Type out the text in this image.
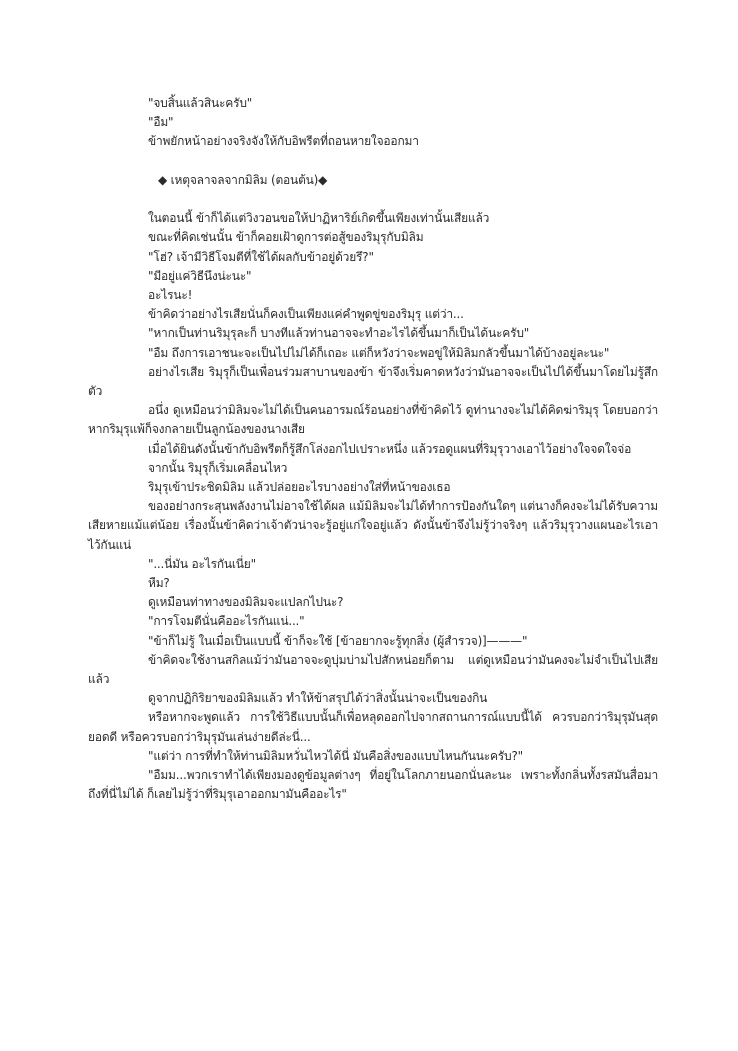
"จบสิ้นแล้วสินะครับ"
"อืม"
ข้าพยักหน้าอย่างจริงจังให้กับอิพรีตที่ถอนหายใจออกมา
◆ เหตุจลาจลจากมิลิม (ตอนต้น)◆
ในตอนนี้ ข้าก็ได้แต่วิงวอนขอให้ปาฏิหาริย์เกิดขึ้นเพียงเท่านั้นเสียแล้ว
ขณะที่คิดเช่นนั้น ข้าก็คอยเฝ้าดูการต่อสู้ของริมุรุกับมิลิม
"โฮ่? เจ้ามีวิธีโจมตีที่ใช้ได้ผลกับข้าอยู่ด้วยรึ?"
"มีอยู่แค่วิธีนึงน่ะนะ"
อะไรนะ!
ข้าคิดว่าอย่างไรเสียนั่นก็คงเป็นเพียงแค่คำพูดขู่ของริมุรุ แต่ว่า...
"หากเป็นท่านริมุรุละก็ บางทีแล้วท่านอาจจะทำอะไรได้ขึ้นมาก็เป็นได้นะครับ"
"อืม ถึงการเอาชนะจะเป็นไปไม่ได้ก็เถอะ แต่ก็หวังว่าจะพอขู่ให้มิลิมกลัวขึ้นมาได้บ้างอยู่ละนะ"
อย่างไรเสีย ริมุรุก็เป็นเพื่อนร่วมสาบานของข้า ข้าจึงเริ่มคาดหวังว่ามันอาจจะเป็นไปได้ขึ้นมาโดยไม่รู้สึกตัว
อนึ่ง ดูเหมือนว่ามิลิมจะไม่ได้เป็นคนอารมณ์ร้อนอย่างที่ข้าคิดไว้ ดูท่านางจะไม่ได้คิดฆ่าริมุรุ โดยบอกว่าหากริมุรุแพ้ก็จงกลายเป็นลูกน้องของนางเสีย
เมื่อได้ยินดังนั้นข้ากับอิพรีตก็รู้สึกโล่งอกไปเปราะหนึ่ง แล้วรอดูแผนที่ริมุรุวางเอาไว้อย่างใจจดใจจ่อ
จากนั้น ริมุรุก็เริ่มเคลื่อนไหว
ริมุรุเข้าประชิดมิลิม แล้วปล่อยอะไรบางอย่างใส่ที่หน้าของเธอ
ของอย่างกระสุนพลังงานไม่อาจใช้ได้ผล แม้มิลิมจะไม่ได้ทำการป้องกันใดๆ แต่นางก็คงจะไม่ได้รับความเสียหายแม้แต่น้อย เรื่องนั้นข้าคิดว่าเจ้าตัวน่าจะรู้อยู่แก่ใจอยู่แล้ว ดังนั้นข้าจึงไม่รู้ว่าจริงๆ แล้วริมุรุวางแผนอะไรเอาไว้กันแน่
"...นี่มัน อะไรกันเนี่ย"
หืม?
ดูเหมือนท่าทางของมิลิมจะแปลกไปนะ?
"การโจมตีนั่นคืออะไรกันแน่..."
"ข้าก็ไม่รู้ ในเมื่อเป็นแบบนี้ ข้าก็จะใช้ [ข้าอยากจะรู้ทุกสิ่ง (ผู้สำรวจ)]———"
ข้าคิดจะใช้งานสกิลแม้ว่ามันอาจจะดูบุ่มบ่ามไปสักหน่อยก็ตาม แต่ดูเหมือนว่ามันคงจะไม่จำเป็นไปเสียแล้ว
ดูจากปฏิกิริยาของมิลิมแล้ว ทำให้ข้าสรุปได้ว่าสิ่งนั้นน่าจะเป็นของกิน
หรือหากจะพูดแล้ว การใช้วิธีแบบนั้นก็เพื่อหลุดออกไปจากสถานการณ์แบบนี้ได้ ควรบอกว่าริมุรุมันสุดยอดดี หรือควรบอกว่าริมุรุมันเล่นง่ายดีล่ะนี่...
"แต่ว่า การที่ทำให้ท่านมิลิมหวั่นไหวได้นี่ มันคือสิ่งของแบบไหนกันนะครับ?"
"อืมม...พวกเราทำได้เพียงมองดูข้อมูลต่างๆ ที่อยู่ในโลกภายนอกนั่นละนะ เพราะทั้งกลิ่นทั้งรสมันสื่อมาถึงที่นี่ไม่ได้ ก็เลยไม่รู้ว่าที่ริมุรุเอาออกมามันคืออะไร"
